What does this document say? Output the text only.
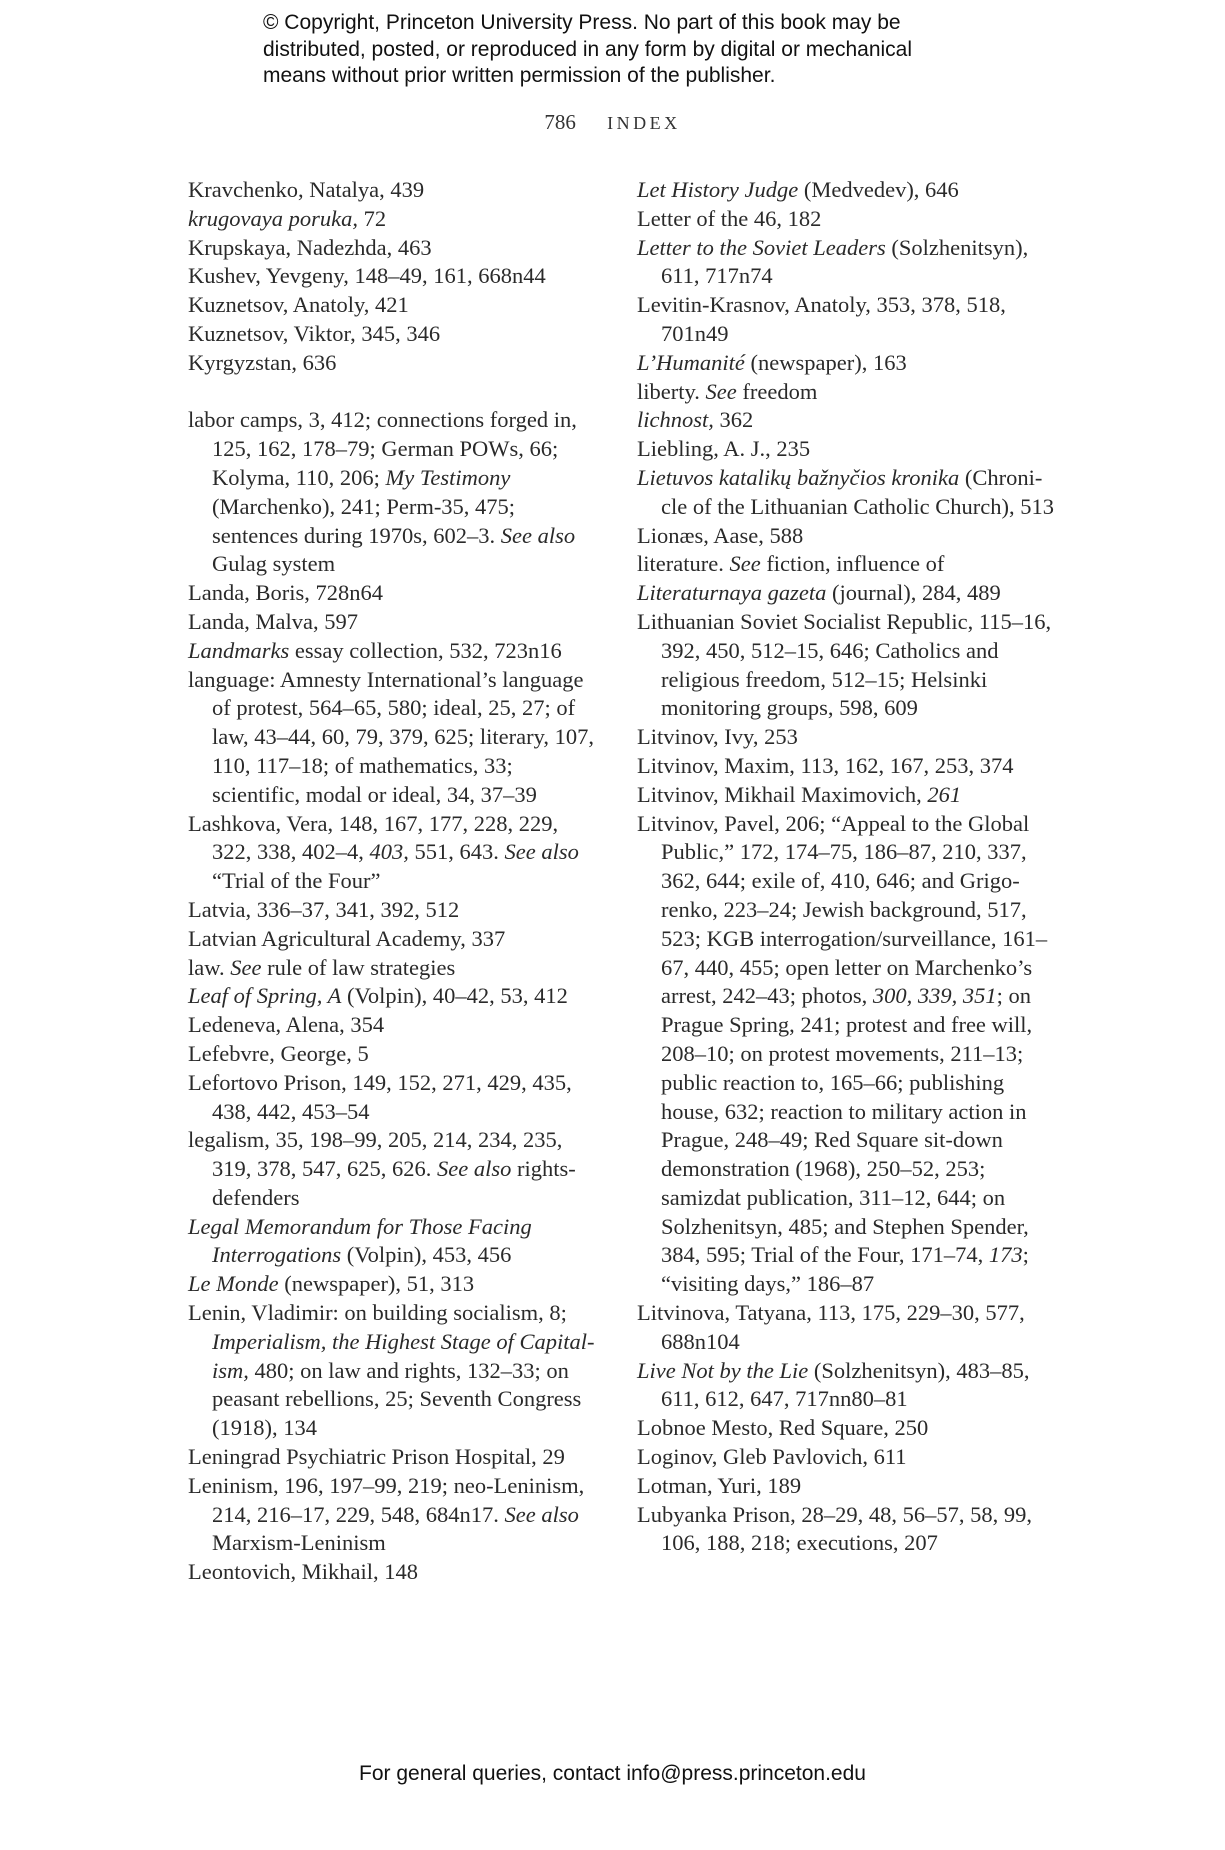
© Copyright, Princeton University Press. No part of this book may be
distributed, posted, or reproduced in any form by digital or mechanical
means without prior written permission of the publisher.
786 INDEX
Kravchenko, Natalya, 439
krugovaya poruka, 72
Krupskaya, Nadezhda, 463
Kushev, Yevgeny, 148–49, 161, 668n44
Kuznetsov, Anatoly, 421
Kuznetsov, Viktor, 345, 346
Kyrgyzstan, 636
labor camps, 3, 412; connections forged in, 125, 162, 178–79; German POWs, 66; Kolyma, 110, 206; My Testimony (Marchenko), 241; Perm-35, 475; sentences during 1970s, 602–3. See also Gulag system
Landa, Boris, 728n64
Landa, Malva, 597
Landmarks essay collection, 532, 723n16
language: Amnesty International’s language of protest, 564–65, 580; ideal, 25, 27; of law, 43–44, 60, 79, 379, 625; literary, 107, 110, 117–18; of mathematics, 33; scientific, modal or ideal, 34, 37–39
Lashkova, Vera, 148, 167, 177, 228, 229, 322, 338, 402–4, 403, 551, 643. See also “Trial of the Four”
Latvia, 336–37, 341, 392, 512
Latvian Agricultural Academy, 337
law. See rule of law strategies
Leaf of Spring, A (Volpin), 40–42, 53, 412
Ledeneva, Alena, 354
Lefebvre, George, 5
Lefortovo Prison, 149, 152, 271, 429, 435, 438, 442, 453–54
legalism, 35, 198–99, 205, 214, 234, 235, 319, 378, 547, 625, 626. See also rights-defenders
Legal Memorandum for Those Facing Interrogations (Volpin), 453, 456
Le Monde (newspaper), 51, 313
Lenin, Vladimir: on building socialism, 8; Imperialism, the Highest Stage of Capitalism, 480; on law and rights, 132–33; on peasant rebellions, 25; Seventh Congress (1918), 134
Leningrad Psychiatric Prison Hospital, 29
Leninism, 196, 197–99, 219; neo-Leninism, 214, 216–17, 229, 548, 684n17. See also Marxism-Leninism
Leontovich, Mikhail, 148
Let History Judge (Medvedev), 646
Letter of the 46, 182
Letter to the Soviet Leaders (Solzhenitsyn), 611, 717n74
Levitin-Krasnov, Anatoly, 353, 378, 518, 701n49
L’Humanité (newspaper), 163
liberty. See freedom
lichnost, 362
Liebling, A. J., 235
Lietuvos katalikų bažnyčios kronika (Chronicle of the Lithuanian Catholic Church), 513
Lionæs, Aase, 588
literature. See fiction, influence of
Literaturnaya gazeta (journal), 284, 489
Lithuanian Soviet Socialist Republic, 115–16, 392, 450, 512–15, 646; Catholics and religious freedom, 512–15; Helsinki monitoring groups, 598, 609
Litvinov, Ivy, 253
Litvinov, Maxim, 113, 162, 167, 253, 374
Litvinov, Mikhail Maximovich, 261
Litvinov, Pavel, 206; “Appeal to the Global Public,” 172, 174–75, 186–87, 210, 337, 362, 644; exile of, 410, 646; and Grigorenko, 223–24; Jewish background, 517, 523; KGB interrogation/surveillance, 161–67, 440, 455; open letter on Marchenko’s arrest, 242–43; photos, 300, 339, 351; on Prague Spring, 241; protest and free will, 208–10; on protest movements, 211–13; public reaction to, 165–66; publishing house, 632; reaction to military action in Prague, 248–49; Red Square sit-down demonstration (1968), 250–52, 253; samizdat publication, 311–12, 644; on Solzhenitsyn, 485; and Stephen Spender, 384, 595; Trial of the Four, 171–74, 173; “visiting days,” 186–87
Litvinova, Tatyana, 113, 175, 229–30, 577, 688n104
Live Not by the Lie (Solzhenitsyn), 483–85, 611, 612, 647, 717nn80–81
Lobnoe Mesto, Red Square, 250
Loginov, Gleb Pavlovich, 611
Lotman, Yuri, 189
Lubyanka Prison, 28–29, 48, 56–57, 58, 99, 106, 188, 218; executions, 207
For general queries, contact info@press.princeton.edu
